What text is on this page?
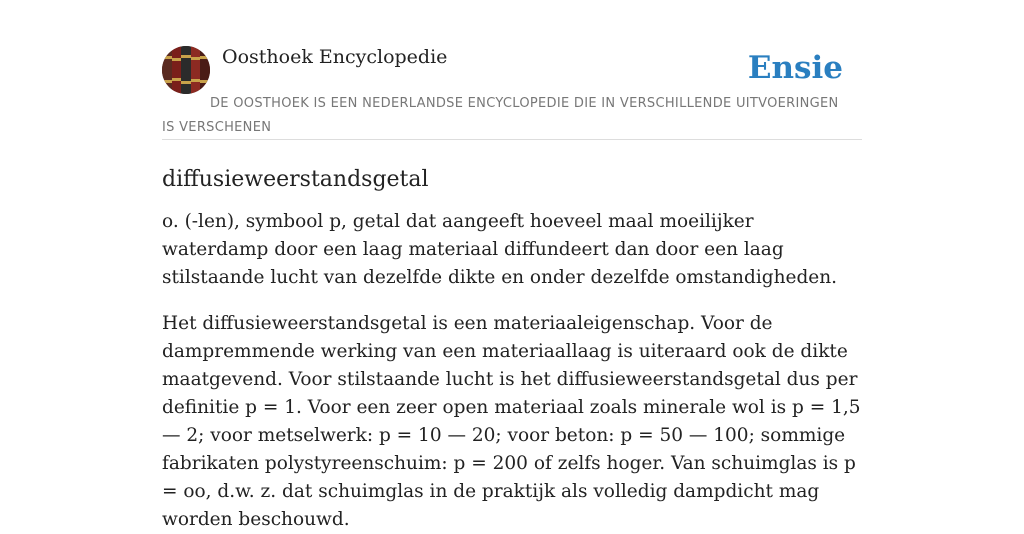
Oosthoek Encyclopedie	Ensie
DE OOSTHOEK IS EEN NEDERLANDSE ENCYCLOPEDIE DIE IN VERSCHILLENDE UITVOERINGEN IS VERSCHENEN
diffusieweerstandsgetal

o. (-len), symbool p, getal dat aangeeft hoeveel maal moeilijker waterdamp door een laag materiaal diffundeert dan door een laag stilstaande lucht van dezelfde dikte en onder dezelfde omstandigheden.

Het diffusieweerstandsgetal is een materiaaleigenschap. Voor de dampremmende werking van een materiaallaag is uiteraard ook de dikte maatgevend. Voor stilstaande lucht is het diffusieweerstandsgetal dus per definitie p = 1. Voor een zeer open materiaal zoals minerale wol is p = 1,5 — 2; voor metselwerk: p = 10 — 20; voor beton: p = 50 — 100; sommige fabrikaten polystyreenschuim: p = 200 of zelfs hoger. Van schuimglas is p = oo, d.w. z. dat schuimglas in de praktijk als volledig dampdicht mag worden beschouwd.
